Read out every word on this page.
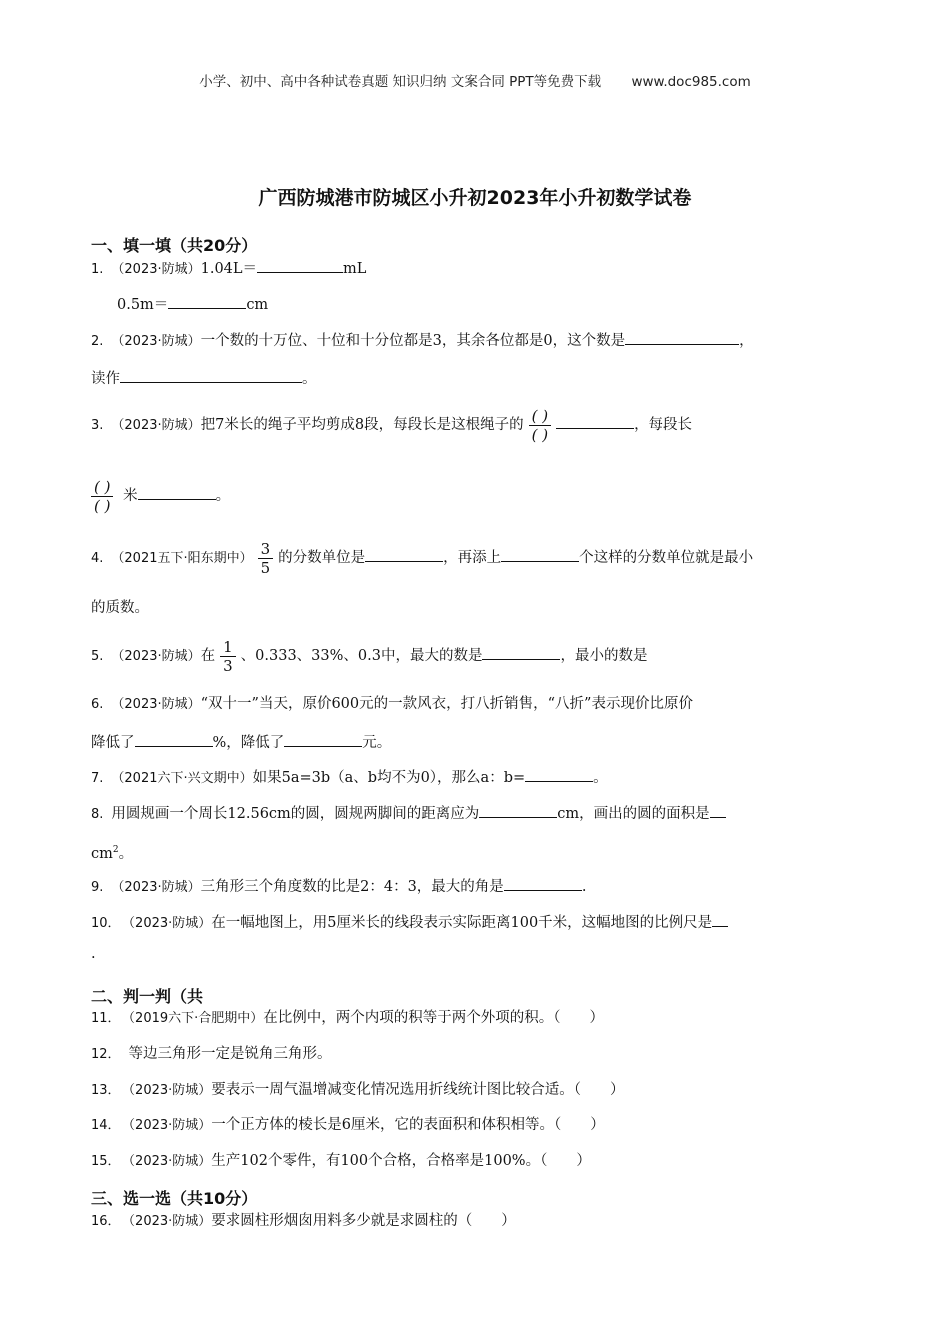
小学、初中、高中各种试卷真题 知识归纳 文案合同 PPT等免费下载 www.doc985.com
广西防城港市防城区小升初2023年小升初数学试卷
一、填一填（共20分）
1. （2023·防城）1.04L＝	mL
0.5m＝	cm
2. （2023·防城）一个数的十万位、十位和十分位都是3，其余各位都是0，这个数是	，
读作	。
3. （2023·防城）把7米长的绳子平均剪成8段，每段长是这根绳子的 $\frac{( )}{( )}$	，每段长
$\frac{( )}{( )}$ 米	。
4. （2021五下·阳东期中） $\frac{3}{5}$ 的分数单位是	，再添上	个这样的分数单位就是最小
的质数。
5. （2023·防城）在 $\frac{1}{3}$ 、0.333、33%、0.3中，最大的数是	，最小的数是
6. （2023·防城）“双十一”当天，原价600元的一款风衣，打八折销售，“八折”表示现价比原价
降低了	%，降低了	元。
7. （2021六下·兴文期中）如果5a=3b（a、b均不为0），那么a：b=	。
8. 用圆规画一个周长12.56cm的圆，圆规两脚间的距离应为	cm，画出的圆的面积是
$cm^2$。
9. （2023·防城）三角形三个角度数的比是2：4：3，最大的角是	.
10． （2023·防城）在一幅地图上，用5厘米长的线段表示实际距离100千米，这幅地图的比例尺是
.
二、判一判（共
11． （2019六下·合肥期中）在比例中，两个内项的积等于两个外项的积。（　　）
12． 等边三角形一定是锐角三角形。
13． （2023·防城）要表示一周气温增减变化情况选用折线统计图比较合适。（　　）
14． （2023·防城）一个正方体的棱长是6厘米，它的表面积和体积相等。（　　）
15． （2023·防城）生产102个零件，有100个合格，合格率是100%。（　　）
三、选一选（共10分）
16． （2023·防城）要求圆柱形烟囱用料多少就是求圆柱的（　　）
